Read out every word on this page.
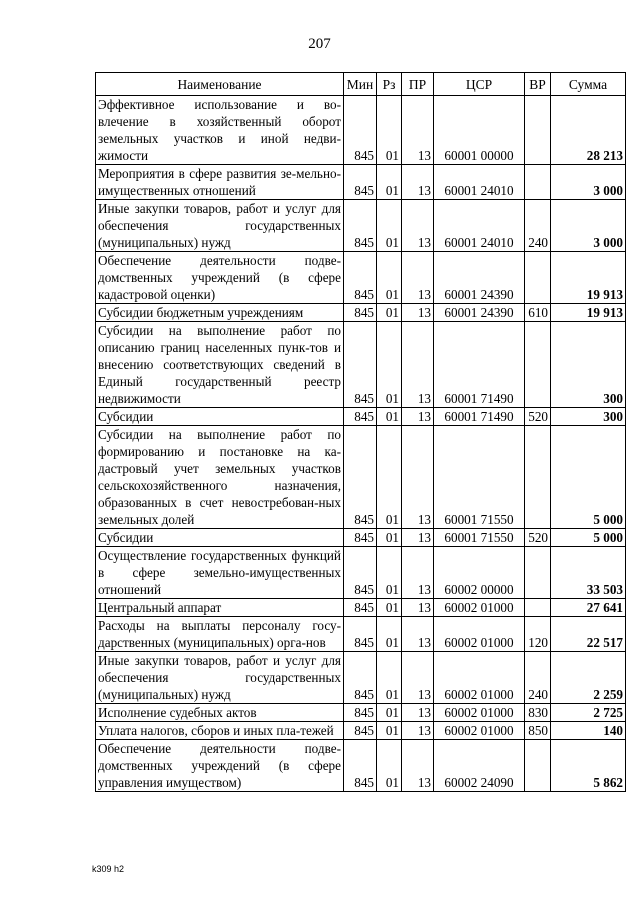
207
Наименование	Мин	Рз	ПР	ЦСР	ВР	Сумма
Эффективное использование и во-влечение в хозяйственный оборот земельных участков и иной недви-жимости	845	01	13	60001 00000		28 213
Мероприятия в сфере развития зе-мельно-имущественных отношений	845	01	13	60001 24010		3 000
Иные закупки товаров, работ и услуг для обеспечения государственных (муниципальных) нужд	845	01	13	60001 24010	240	3 000
Обеспечение деятельности подве-домственных учреждений (в сфере кадастровой оценки)	845	01	13	60001 24390		19 913
Субсидии бюджетным учреждениям	845	01	13	60001 24390	610	19 913
Субсидии на выполнение работ по описанию границ населенных пунк-тов и внесению соответствующих сведений в Единый государственный реестр недвижимости	845	01	13	60001 71490		300
Субсидии	845	01	13	60001 71490	520	300
Субсидии на выполнение работ по формированию и постановке на ка-дастровый учет земельных участков сельскохозяйственного назначения, образованных в счет невостребован-ных земельных долей	845	01	13	60001 71550		5 000
Субсидии	845	01	13	60001 71550	520	5 000
Осуществление государственных функций в сфере земельно-имущественных отношений	845	01	13	60002 00000		33 503
Центральный аппарат	845	01	13	60002 01000		27 641
Расходы на выплаты персоналу госу-дарственных (муниципальных) орга-нов	845	01	13	60002 01000	120	22 517
Иные закупки товаров, работ и услуг для обеспечения государственных (муниципальных) нужд	845	01	13	60002 01000	240	2 259
Исполнение судебных актов	845	01	13	60002 01000	830	2 725
Уплата налогов, сборов и иных пла-тежей	845	01	13	60002 01000	850	140
Обеспечение деятельности подве-домственных учреждений (в сфере управления имуществом)	845	01	13	60002 24090		5 862
k309 h2
